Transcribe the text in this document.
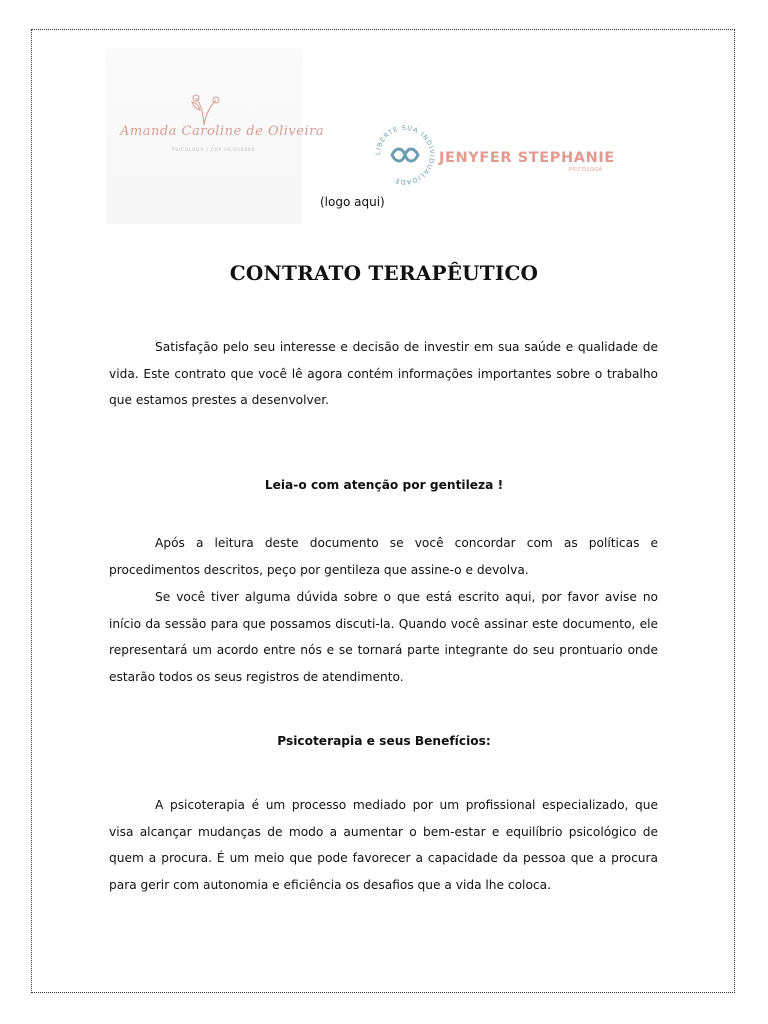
Amanda Caroline de Oliveira
PSICÓLOGA | CRP 06/000000
LIBERTE SUA INDIVIDUALIDADE
JENYFER STEPHANIE
PSICÓLOGA
(logo aqui)
CONTRATO TERAPÊUTICO

Satisfação pelo seu interesse e decisão de investir em sua saúde e qualidade de vida. Este contrato que você lê agora contém informações importantes sobre o trabalho que estamos prestes a desenvolver.

Leia-o com atenção por gentileza !

Após a leitura deste documento se você concordar com as políticas e procedimentos descritos, peço por gentileza que assine-o e devolva.

Se você tiver alguma dúvida sobre o que está escrito aqui, por favor avise no início da sessão para que possamos discuti-la. Quando você assinar este documento, ele representará um acordo entre nós e se tornará parte integrante do seu prontuario onde estarão todos os seus registros de atendimento.

Psicoterapia e seus Benefícios:

A psicoterapia é um processo mediado por um profissional especializado, que visa alcançar mudanças de modo a aumentar o bem-estar e equilíbrio psicológico de quem a procura. É um meio que pode favorecer a capacidade da pessoa que a procura para gerir com autonomia e eficiência os desafios que a vida lhe coloca.
